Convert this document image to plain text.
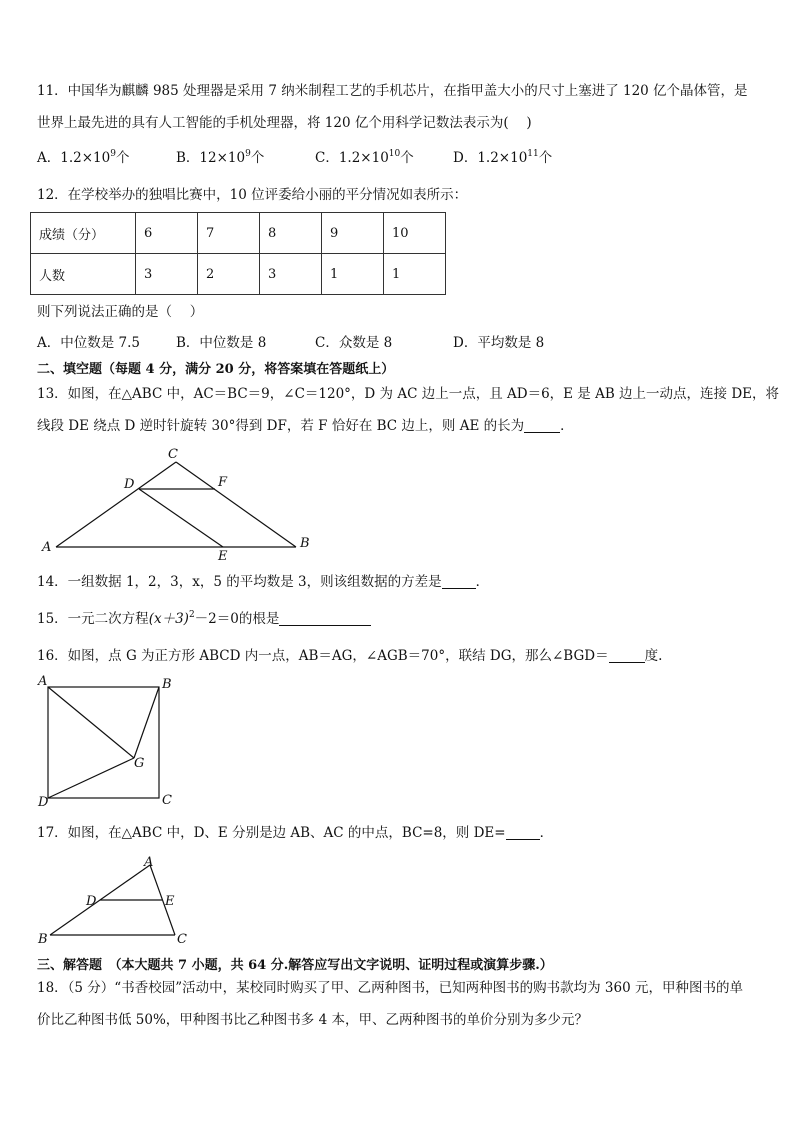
11．中国华为麒麟 985 处理器是采用 7 纳米制程工艺的手机芯片，在指甲盖大小的尺寸上塞进了 120 亿个晶体管，是
世界上最先进的具有人工智能的手机处理器，将 120 亿个用科学记数法表示为(　 )
A．$1.2\times 10^9$个	B．$12\times 10^9$个	C．$1.2\times 10^{10}$个	D．$1.2\times 10^{11}$个
12．在学校举办的独唱比赛中，10 位评委给小丽的平分情况如表所示：
成绩（分）	6	7	8	9	10
人数	3	2	3	1	1
则下列说法正确的是（　 ）
A．中位数是 7.5	B．中位数是 8	C．众数是 8	D．平均数是 8
二、填空题（每题 4 分，满分 20 分，将答案填在答题纸上）
13．如图，在△ABC 中，AC＝BC＝9，∠C＝120°，D 为 AC 边上一点，且 AD＝6，E 是 AB 边上一动点，连接 DE，将
线段 DE 绕点 D 逆时针旋转 30°得到 DF，若 F 恰好在 BC 边上，则 AE 的长为	．
C
D	F
A	B
E
14．一组数据 1，2，3，x，5 的平均数是 3，则该组数据的方差是	．
15．一元二次方程$(x+3)^2-2=0$的根是
16．如图，点 G 为正方形 ABCD 内一点，AB＝AG，∠AGB＝70°，联结 DG，那么∠BGD＝	度.
A	B
G
D	C
17．如图，在△ABC 中，D、E 分别是边 AB、AC 的中点，BC=8，则 DE=	．
A
D	E
B	C
三、解答题　（本大题共 7 小题，共 64 分.解答应写出文字说明、证明过程或演算步骤.）
18．（5 分）“书香校园”活动中，某校同时购买了甲、乙两种图书，已知两种图书的购书款均为 360 元，甲种图书的单
价比乙种图书低 50%，甲种图书比乙种图书多 4 本，甲、乙两种图书的单价分别为多少元？
